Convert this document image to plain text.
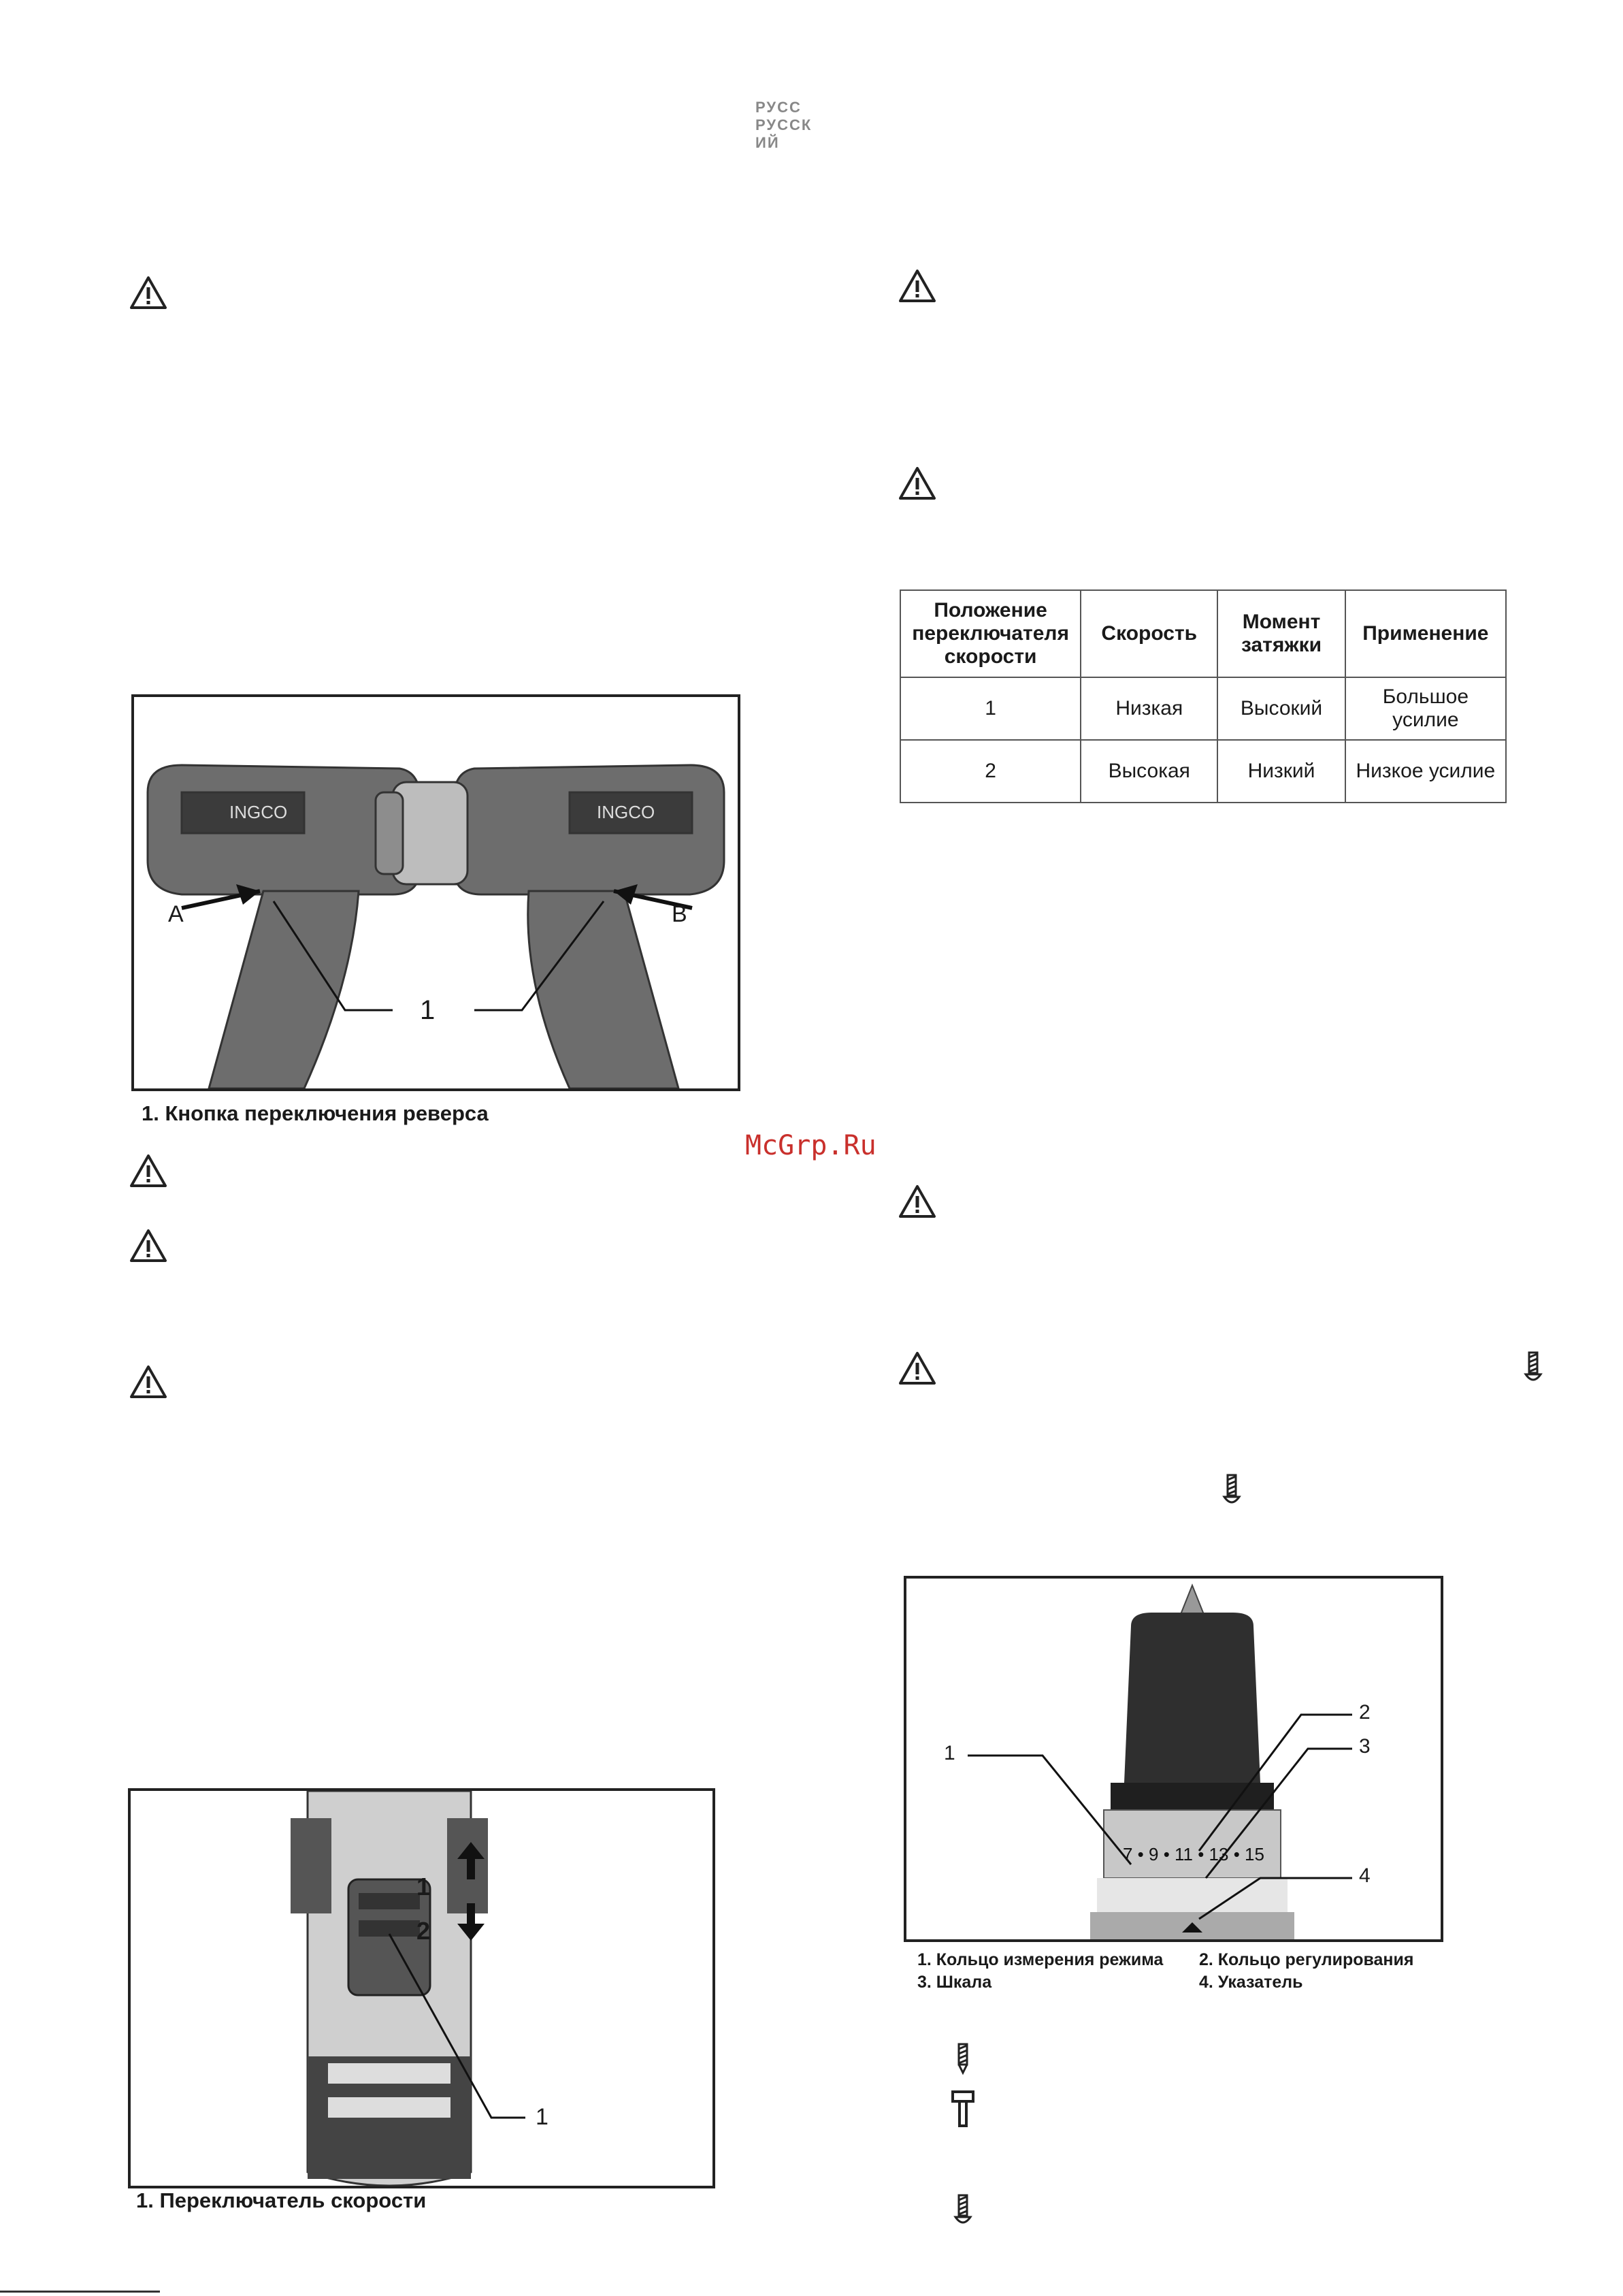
РУСС
РУССК
ИЙ
INGCO	INGCO
A	B
1
1. Кнопка переключения реверса
1
2
1
1. Переключатель скорости
Положение переключателя скорости	Скорость	Момент затяжки	Применение
1	Низкая	Высокий	Большое усилие
2	Высокая	Низкий	Низкое усилие
McGrp.Ru
7 • 9 • 11 • 13 • 15
1
2
3
4
1. Кольцо измерения режима 2. Кольцо регулирования
3. Шкала	4. Указатель
